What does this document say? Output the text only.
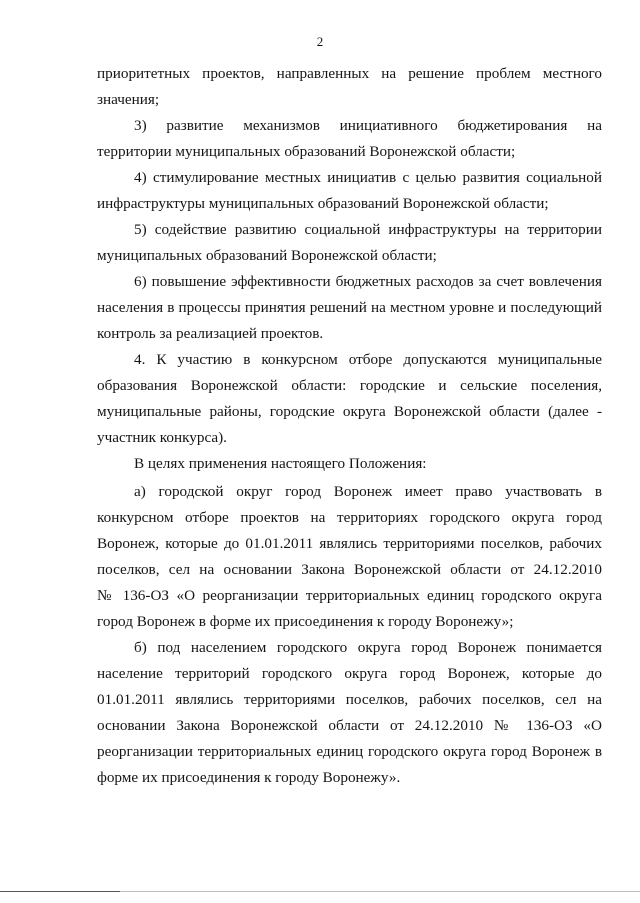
2
приоритетных проектов, направленных на решение проблем местного
значения;
3) развитие механизмов инициативного бюджетирования на
территории муниципальных образований Воронежской области;
4) стимулирование местных инициатив с целью развития социальной
инфраструктуры муниципальных образований Воронежской области;
5) содействие развитию социальной инфраструктуры на территории
муниципальных образований Воронежской области;
6) повышение эффективности бюджетных расходов за счет вовлечения
населения в процессы принятия решений на местном уровне и последующий
контроль за реализацией проектов.
4. К участию в конкурсном отборе допускаются муниципальные
образования Воронежской области: городские и сельские поселения,
муниципальные районы, городские округа Воронежской области (далее -
участник конкурса).
В целях применения настоящего Положения:
а) городской округ город Воронеж имеет право участвовать в
конкурсном отборе проектов на территориях городского округа город
Воронеж, которые до 01.01.2011 являлись территориями поселков, рабочих
поселков, сел на основании Закона Воронежской области от 24.12.2010
№ 136-ОЗ «О реорганизации территориальных единиц городского округа
город Воронеж в форме их присоединения к городу Воронежу»;
б) под населением городского округа город Воронеж понимается
население территорий городского округа город Воронеж, которые до
01.01.2011 являлись территориями поселков, рабочих поселков, сел на
основании Закона Воронежской области от 24.12.2010 № 136-ОЗ «О
реорганизации территориальных единиц городского округа город Воронеж в
форме их присоединения к городу Воронежу».
